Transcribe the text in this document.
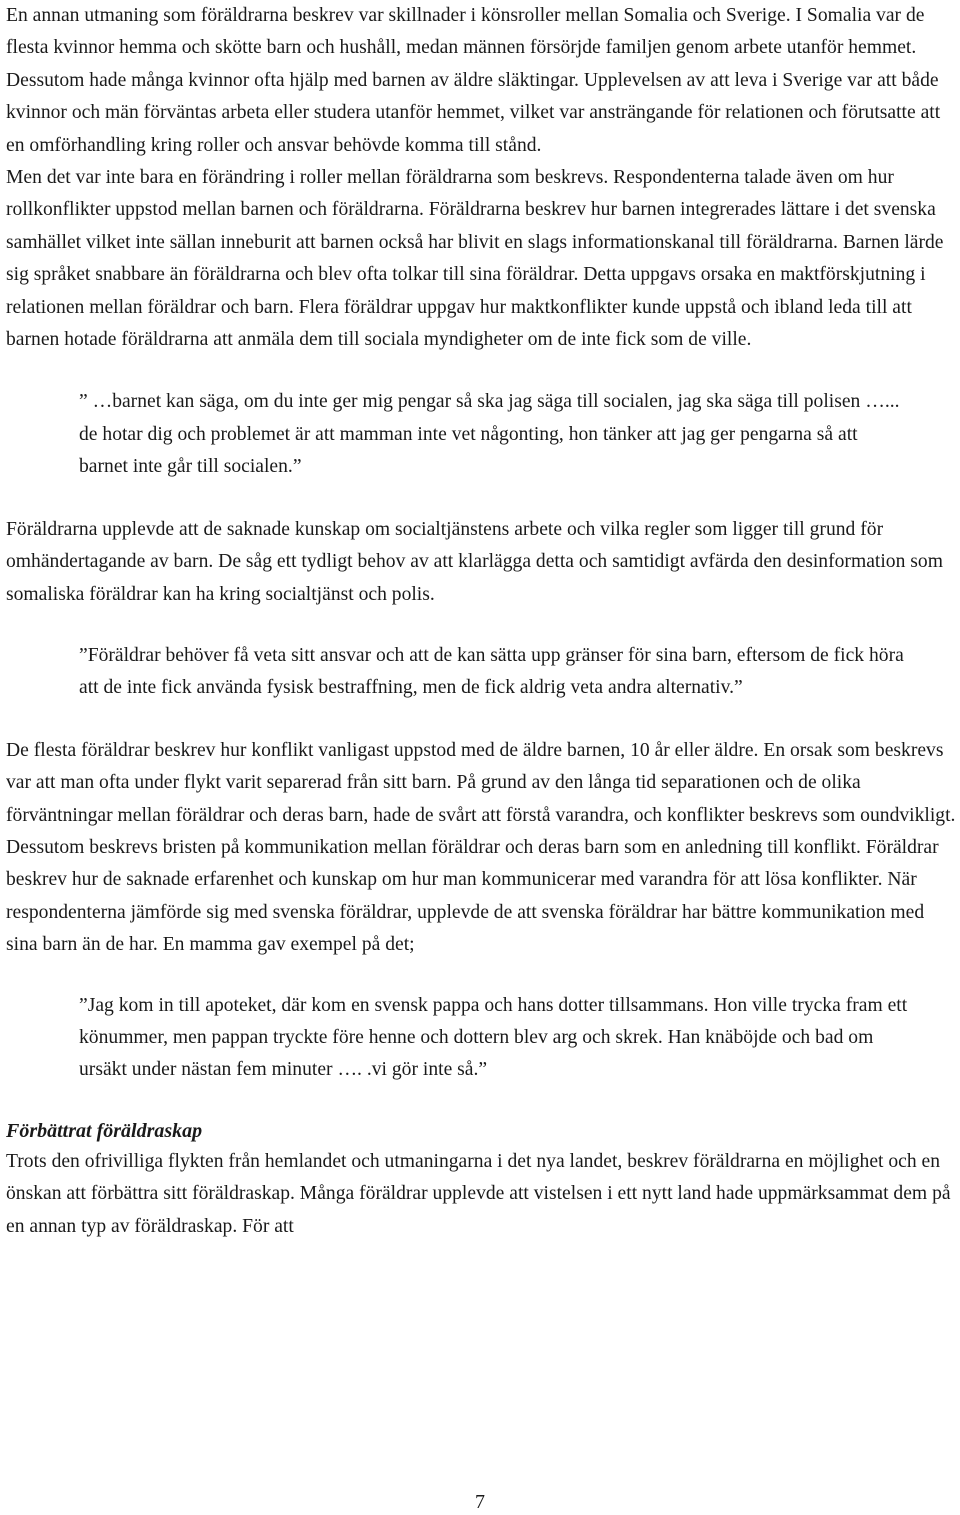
En annan utmaning som föräldrarna beskrev var skillnader i könsroller mellan Somalia och Sverige. I Somalia var de flesta kvinnor hemma och skötte barn och hushåll, medan männen försörjde familjen genom arbete utanför hemmet. Dessutom hade många kvinnor ofta hjälp med barnen av äldre släktingar. Upplevelsen av att leva i Sverige var att både kvinnor och män förväntas arbeta eller studera utanför hemmet, vilket var ansträngande för relationen och förutsatte att en omförhandling kring roller och ansvar behövde komma till stånd.

Men det var inte bara en förändring i roller mellan föräldrarna som beskrevs. Respondenterna talade även om hur rollkonflikter uppstod mellan barnen och föräldrarna. Föräldrarna beskrev hur barnen integrerades lättare i det svenska samhället vilket inte sällan inneburit att barnen också har blivit en slags informationskanal till föräldrarna. Barnen lärde sig språket snabbare än föräldrarna och blev ofta tolkar till sina föräldrar. Detta uppgavs orsaka en maktförskjutning i relationen mellan föräldrar och barn. Flera föräldrar uppgav hur maktkonflikter kunde uppstå och ibland leda till att barnen hotade föräldrarna att anmäla dem till sociala myndigheter om de inte fick som de ville.

” …barnet kan säga, om du inte ger mig pengar så ska jag säga till socialen, jag ska säga till polisen …... de hotar dig och problemet är att mamman inte vet någonting, hon tänker att jag ger pengarna så att barnet inte går till socialen.”

Föräldrarna upplevde att de saknade kunskap om socialtjänstens arbete och vilka regler som ligger till grund för omhändertagande av barn. De såg ett tydligt behov av att klarlägga detta och samtidigt avfärda den desinformation som somaliska föräldrar kan ha kring socialtjänst och polis.

”Föräldrar behöver få veta sitt ansvar och att de kan sätta upp gränser för sina barn, eftersom de fick höra att de inte fick använda fysisk bestraffning, men de fick aldrig veta andra alternativ.”

De flesta föräldrar beskrev hur konflikt vanligast uppstod med de äldre barnen, 10 år eller äldre. En orsak som beskrevs var att man ofta under flykt varit separerad från sitt barn. På grund av den långa tid separationen och de olika förväntningar mellan föräldrar och deras barn, hade de svårt att förstå varandra, och konflikter beskrevs som oundvikligt. Dessutom beskrevs bristen på kommunikation mellan föräldrar och deras barn som en anledning till konflikt. Föräldrar beskrev hur de saknade erfarenhet och kunskap om hur man kommunicerar med varandra för att lösa konflikter. När respondenterna jämförde sig med svenska föräldrar, upplevde de att svenska föräldrar har bättre kommunikation med sina barn än de har. En mamma gav exempel på det;

”Jag kom in till apoteket, där kom en svensk pappa och hans dotter tillsammans. Hon ville trycka fram ett könummer, men pappan tryckte före henne och dottern blev arg och skrek. Han knäböjde och bad om ursäkt under nästan fem minuter …. .vi gör inte så.”

Förbättrat föräldraskap

Trots den ofrivilliga flykten från hemlandet och utmaningarna i det nya landet, beskrev föräldrarna en möjlighet och en önskan att förbättra sitt föräldraskap. Många föräldrar upplevde att vistelsen i ett nytt land hade uppmärksammat dem på en annan typ av föräldraskap. För att

7
